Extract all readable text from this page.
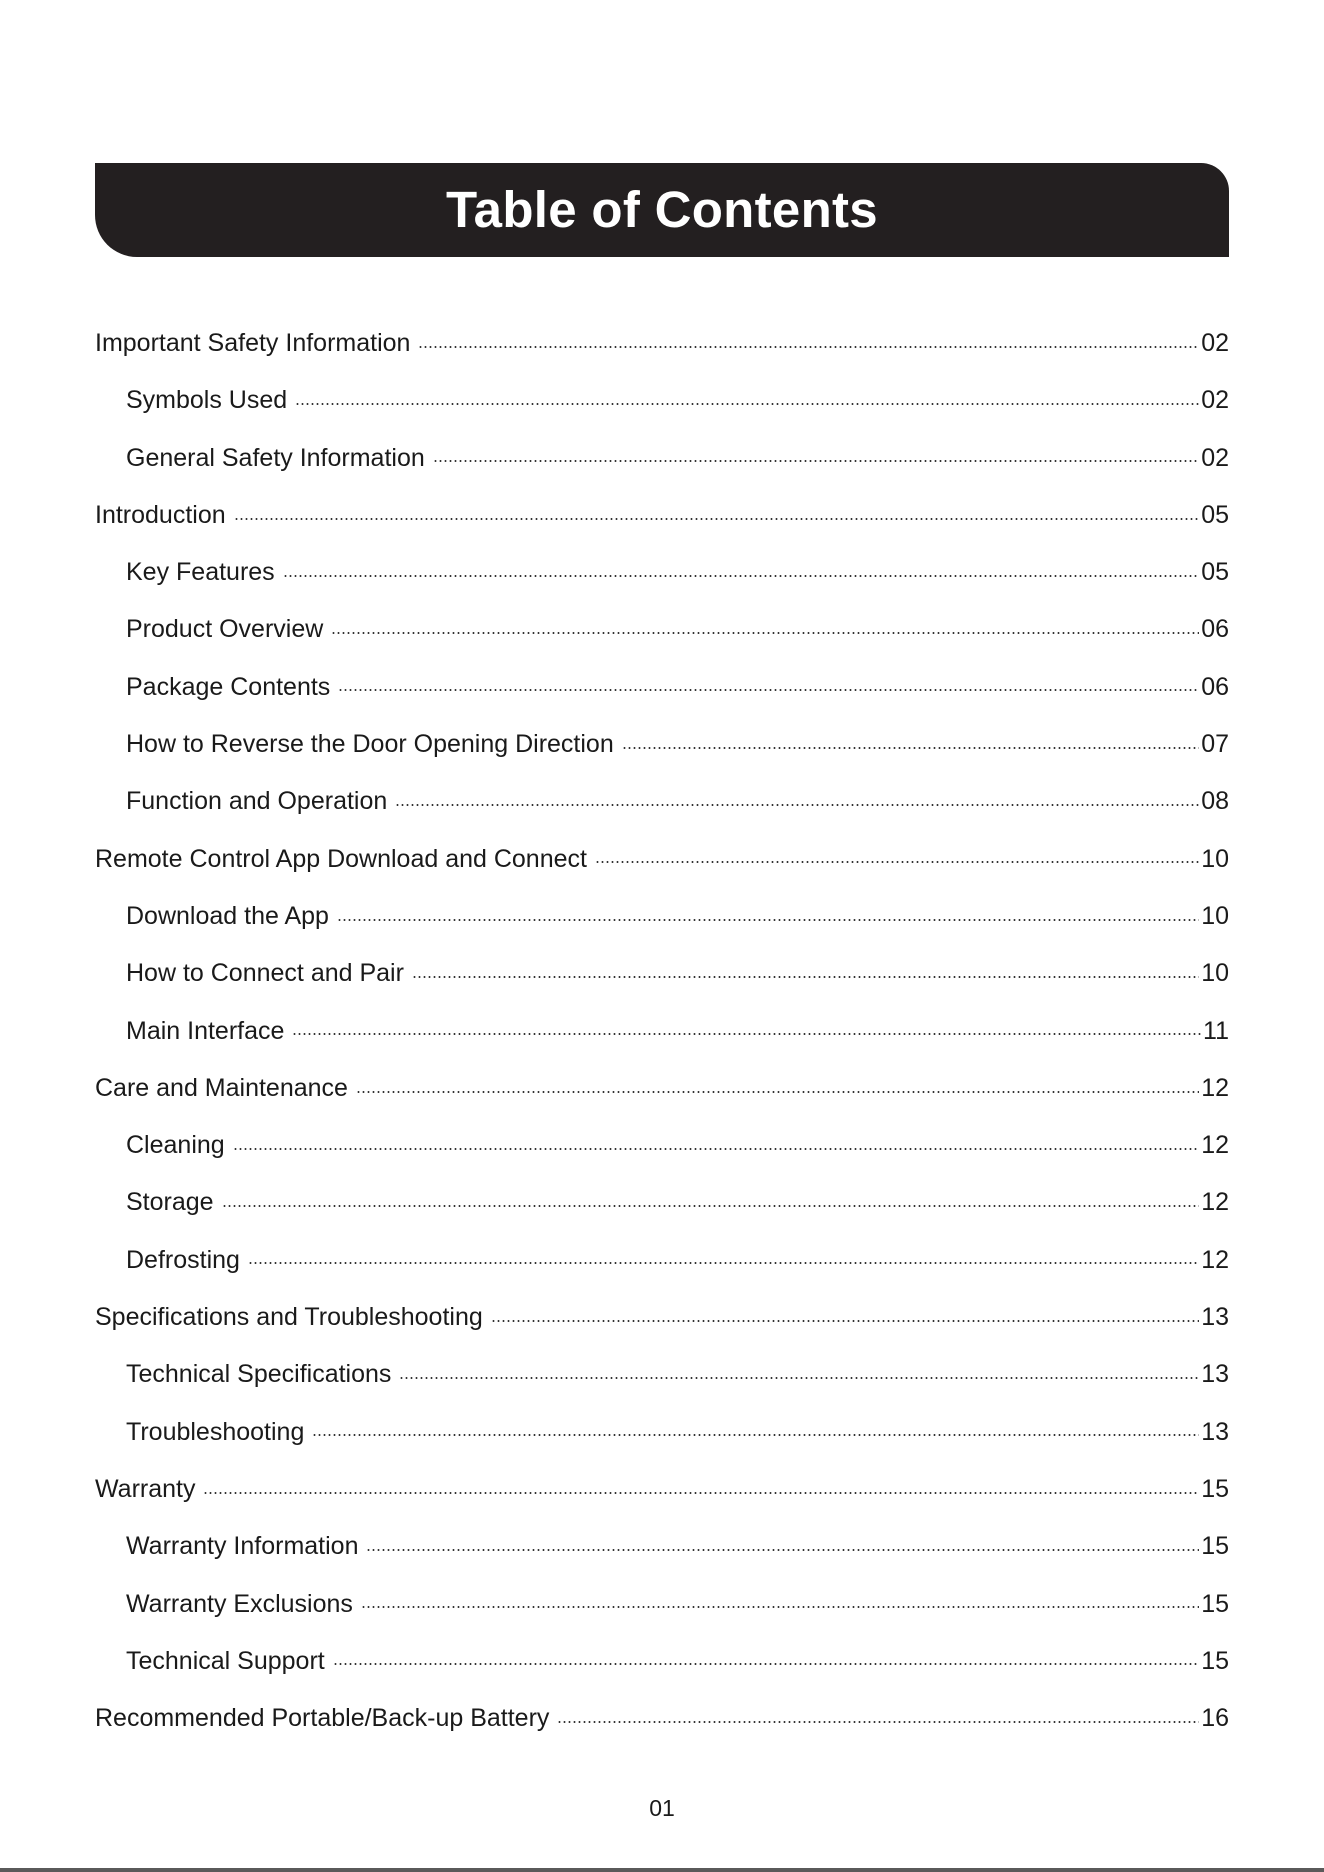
Table of Contents
Important Safety Information	02
Symbols Used	02
General Safety Information	02
Introduction	05
Key Features	05
Product Overview	06
Package Contents	06
How to Reverse the Door Opening Direction	07
Function and Operation	08
Remote Control App Download and Connect	10
Download the App	10
How to Connect and Pair	10
Main Interface	11
Care and Maintenance	12
Cleaning	12
Storage	12
Defrosting	12
Specifications and Troubleshooting	13
Technical Specifications	13
Troubleshooting	13
Warranty	15
Warranty Information	15
Warranty Exclusions	15
Technical Support	15
Recommended Portable/Back-up Battery	16
01
